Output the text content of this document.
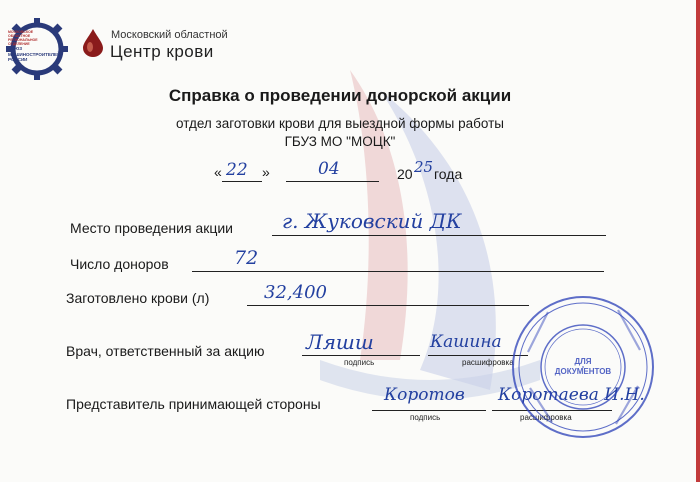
МОСКОВСКОЕ ОБЛАСТНОЕ РЕГИОНАЛЬНОЕ ОТДЕЛЕНИЕ
СОЮЗ
МАШИНОСТРОИТЕЛЕЙ
РОССИИ
Московский областной
Центр крови
Справка о проведении донорской акции
отдел заготовки крови для выездной формы работы
ГБУЗ МО "МОЦК"
« 22 »	04	20 25 года
Место проведения акции г. Жуковский ДК
Число доноров	72
Заготовлено крови (л)	32,400
Врач, ответственный за акцию Ляшш
подпись
Кашина
расшифровка
Представитель принимающей стороны	Коротов
подпись
Коротаева И.Н.
расшифровка
ДЛЯ
ДОКУМЕНТОВ
